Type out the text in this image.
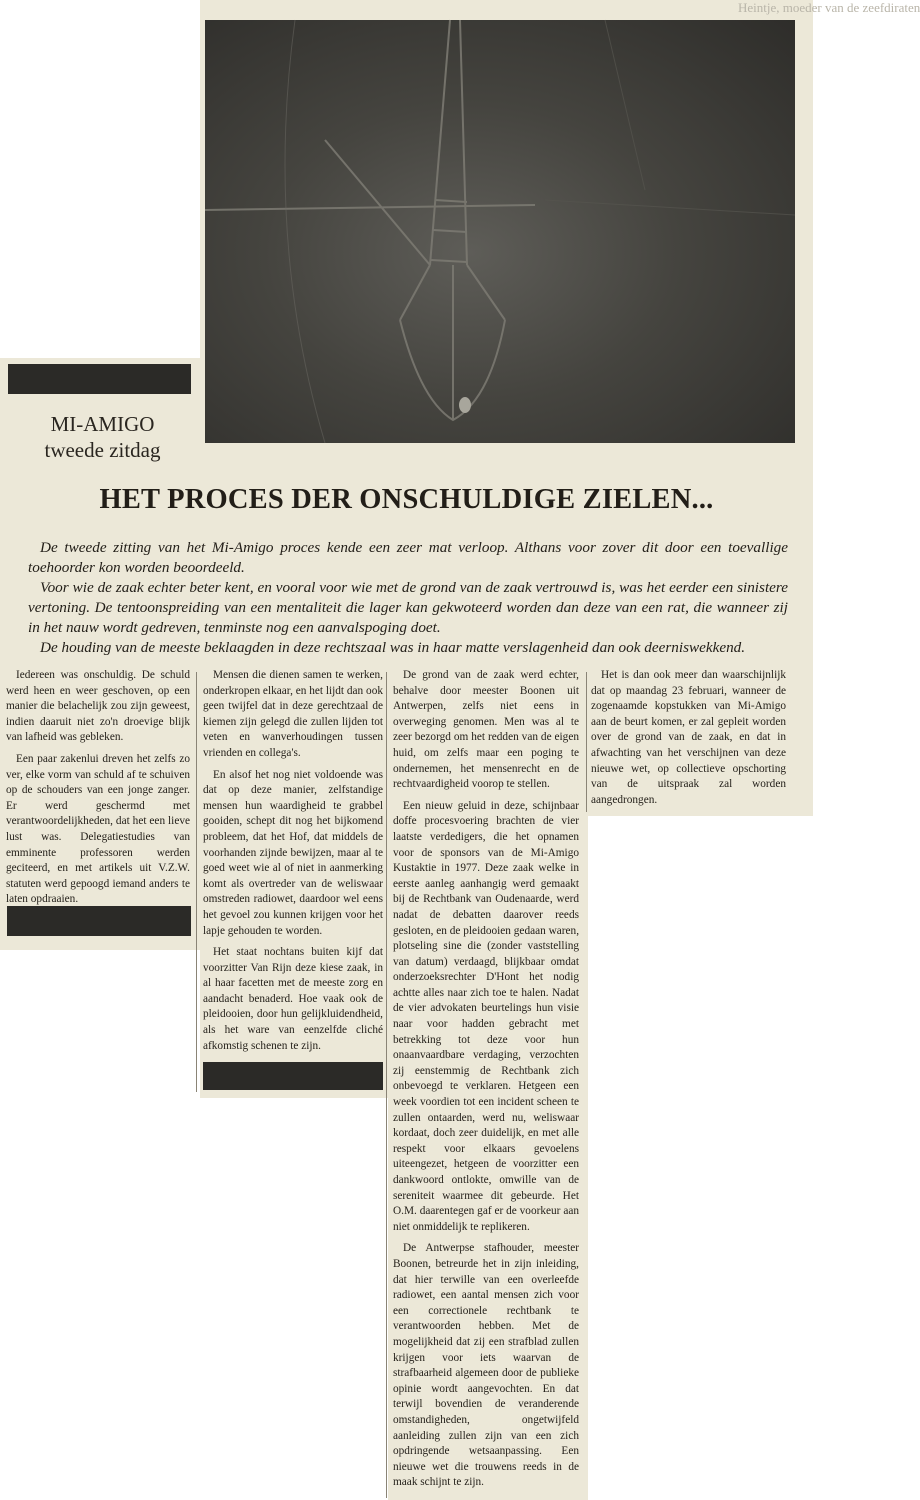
Heintje, moeder van de zeefdiraten
MI-AMIGO
tweede zitdag
HET PROCES DER ONSCHULDIGE ZIELEN...

De tweede zitting van het Mi-Amigo proces kende een zeer mat verloop. Althans voor zover dit door een toevallige toehoorder kon worden beoordeeld.

Voor wie de zaak echter beter kent, en vooral voor wie met de grond van de zaak vertrouwd is, was het eerder een sinistere vertoning. De tentoonspreiding van een mentaliteit die lager kan gekwoteerd worden dan deze van een rat, die wanneer zij in het nauw wordt gedreven, tenminste nog een aanvalspoging doet.

De houding van de meeste beklaagden in deze rechtszaal was in haar matte verslagenheid dan ook deerniswekkend.

Iedereen was onschuldig. De schuld werd heen en weer geschoven, op een manier die belachelijk zou zijn geweest, indien daaruit niet zo'n droevige blijk van lafheid was gebleken.

Een paar zakenlui dreven het zelfs zo ver, elke vorm van schuld af te schuiven op de schouders van een jonge zanger. Er werd geschermd met verantwoordelijkheden, dat het een lieve lust was. Delegatiestudies van emminente professoren werden geciteerd, en met artikels uit V.Z.W. statuten werd gepoogd iemand anders te laten opdraaien.

Mensen die dienen samen te werken, onderkropen elkaar, en het lijdt dan ook geen twijfel dat in deze gerechtzaal de kiemen zijn gelegd die zullen lijden tot veten en wanverhoudingen tussen vrienden en collega's.

En alsof het nog niet voldoende was dat op deze manier, zelfstandige mensen hun waardigheid te grabbel gooiden, schept dit nog het bijkomend probleem, dat het Hof, dat middels de voorhanden zijnde bewijzen, maar al te goed weet wie al of niet in aanmerking komt als overtreder van de weliswaar omstreden radiowet, daardoor wel eens het gevoel zou kunnen krijgen voor het lapje gehouden te worden.

Het staat nochtans buiten kijf dat voorzitter Van Rijn deze kiese zaak, in al haar facetten met de meeste zorg en aandacht benaderd. Hoe vaak ook de pleidooien, door hun gelijkluidendheid, als het ware van eenzelfde cliché afkomstig schenen te zijn.

De grond van de zaak werd echter, behalve door meester Boonen uit Antwerpen, zelfs niet eens in overweging genomen. Men was al te zeer bezorgd om het redden van de eigen huid, om zelfs maar een poging te ondernemen, het mensenrecht en de rechtvaardigheid voorop te stellen.

Een nieuw geluid in deze, schijnbaar doffe procesvoering brachten de vier laatste verdedigers, die het opnamen voor de sponsors van de Mi-Amigo Kustaktie in 1977. Deze zaak welke in eerste aanleg aanhangig werd gemaakt bij de Rechtbank van Oudenaarde, werd nadat de debatten daarover reeds gesloten, en de pleidooien gedaan waren, plotseling sine die (zonder vaststelling van datum) verdaagd, blijkbaar omdat onderzoeksrechter D'Hont het nodig achtte alles naar zich toe te halen. Nadat de vier advokaten beurtelings hun visie naar voor hadden gebracht met betrekking tot deze voor hun onaanvaardbare verdaging, verzochten zij eenstemmig de Rechtbank zich onbevoegd te verklaren. Hetgeen een week voordien tot een incident scheen te zullen ontaarden, werd nu, weliswaar kordaat, doch zeer duidelijk, en met alle respekt voor elkaars gevoelens uiteengezet, hetgeen de voorzitter een dankwoord ontlokte, omwille van de sereniteit waarmee dit gebeurde. Het O.M. daarentegen gaf er de voorkeur aan niet onmiddelijk te replikeren.

De Antwerpse stafhouder, meester Boonen, betreurde het in zijn inleiding, dat hier terwille van een overleefde radiowet, een aantal mensen zich voor een correctionele rechtbank te verantwoorden hebben. Met de mogelijkheid dat zij een strafblad zullen krijgen voor iets waarvan de strafbaarheid algemeen door de publieke opinie wordt aangevochten. En dat terwijl bovendien de veranderende omstandigheden, ongetwijfeld aanleiding zullen zijn van een zich opdringende wetsaanpassing. Een nieuwe wet die trouwens reeds in de maak schijnt te zijn.

Het is dan ook meer dan waarschijnlijk dat op maandag 23 februari, wanneer de zogenaamde kopstukken van Mi-Amigo aan de beurt komen, er zal gepleit worden over de grond van de zaak, en dat in afwachting van het verschijnen van deze nieuwe wet, op collectieve opschorting van de uitspraak zal worden aangedrongen.
